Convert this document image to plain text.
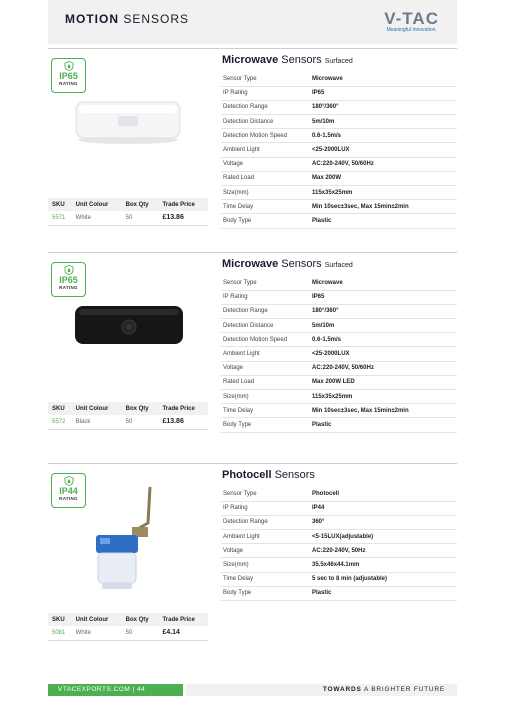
MOTION SENSORS	V-TAC
Meaningful Innovation.
IP65
RATING
SKU	Unit Colour	Box Qty	Trade Price
5571	White	50	£13.86
Microwave Sensors Surfaced
Sensor Type	Microwave
IP Rating	IP65
Detection Range	180°/360°
Detection Distance	5m/10m
Detection Motion Speed	0.6-1.5m/s
Ambient Light	<25-2000LUX
Voltage	AC:220-240V, 50/60Hz
Rated Load	Max 200W
Size(mm)	115x35x25mm
Time Delay	Min 10sec±3sec, Max 15min±2min
Body Type	Plastic
IP65
RATING
SKU	Unit Colour	Box Qty	Trade Price
5572	Black	50	£13.86
Microwave Sensors Surfaced
Sensor Type	Microwave
IP Rating	IP65
Detection Range	180°/360°
Detection Distance	5m/10m
Detection Motion Speed	0.6-1.5m/s
Ambient Light	<25-2000LUX
Voltage	AC:220-240V, 50/60Hz
Rated Load	Max 200W LED
Size(mm)	115x35x25mm
Time Delay	Min 10sec±3sec, Max 15min±2min
Body Type	Plastic
IP44
RATING
SKU	Unit Colour	Box Qty	Trade Price
5081	White	50	£4.14
Photocell Sensors
Sensor Type	Photocell
IP Rating	IP44
Detection Range	360°
Ambient Light	<5-15LUX(adjustable)
Voltage	AC:220-240V, 50Hz
Size(mm)	35.5x46x44.1mm
Time Delay	5 sec to 8 min (adjustable)
Body Type	Plastic
VTACEXPORTS.COM | 44	TOWARDS A BRIGHTER FUTURE
